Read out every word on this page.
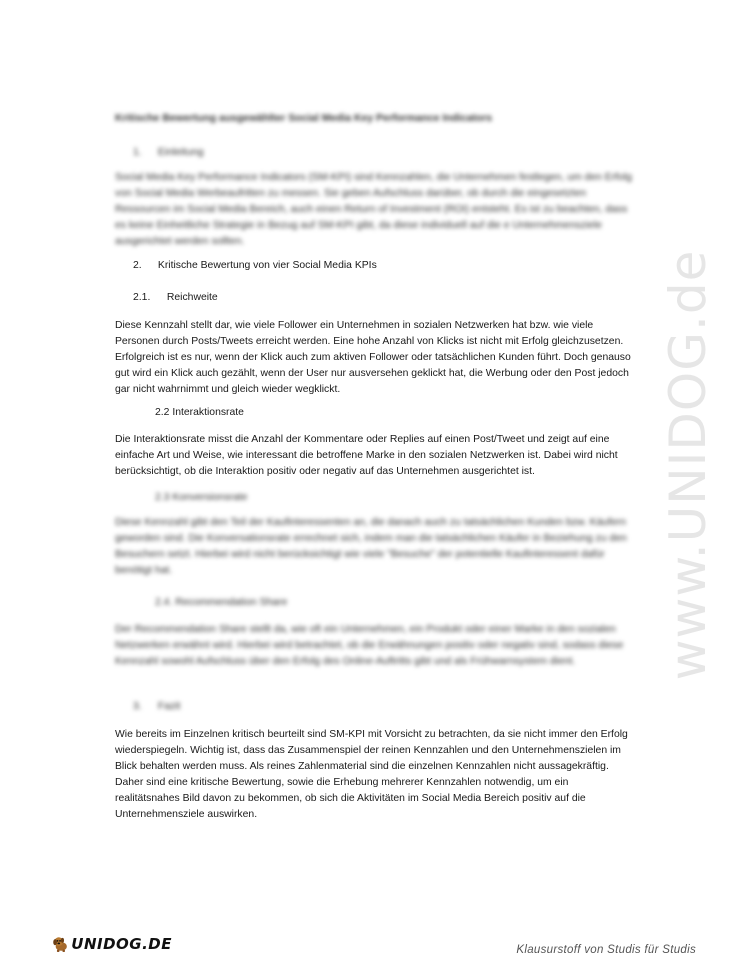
www.UNIDOG.de
Kritische Bewertung ausgewählter Social Media Key Performance Indicators
1. Einleitung
Social Media Key Performance Indicators (SM-KPI) sind Kennzahlen, die Unternehmen festlegen, um den Erfolg von Social Media Werbeaufritten zu messen. Sie geben Aufschluss darüber, ob durch die eingesetzten Ressourcen im Social Media Bereich, auch einen Return of Investment (ROI) entsteht. Es ist zu beachten, dass es keine Einheitliche Strategie in Bezug auf SM-KPI gibt, da diese individuell auf die e Unternehmensziele ausgerichtet werden sollten.
2. Kritische Bewertung von vier Social Media KPIs
2.1. Reichweite
Diese Kennzahl stellt dar, wie viele Follower ein Unternehmen in sozialen Netzwerken hat bzw. wie viele Personen durch Posts/Tweets erreicht werden. Eine hohe Anzahl von Klicks ist nicht mit Erfolg gleichzusetzen. Erfolgreich ist es nur, wenn der Klick auch zum aktiven Follower oder tatsächlichen Kunden führt. Doch genauso gut wird ein Klick auch gezählt, wenn der User nur ausversehen geklickt hat, die Werbung oder den Post jedoch gar nicht wahrnimmt und gleich wieder wegklickt.
2.2 Interaktionsrate
Die Interaktionsrate misst die Anzahl der Kommentare oder Replies auf einen Post/Tweet und zeigt auf eine einfache Art und Weise, wie interessant die betroffene Marke in den sozialen Netzwerken ist. Dabei wird nicht berücksichtigt, ob die Interaktion positiv oder negativ auf das Unternehmen ausgerichtet ist.
2.3 Konversionsrate
Diese Kennzahl gibt den Teil der Kaufinteressenten an, die danach auch zu tatsächlichen Kunden bzw. Käufern geworden sind. Die Konversationsrate errechnet sich, indem man die tatsächlichen Käufer in Beziehung zu den Besuchern setzt. Hierbei wird nicht berücksichtigt wie viele "Besuche" der potentielle Kaufinteressent dafür benötigt hat.
2.4. Recommendation Share
Der Recommendation Share stellt da, wie oft ein Unternehmen, ein Produkt oder einer Marke in den sozialen Netzwerken erwähnt wird. Hierbei wird betrachtet, ob die Erwähnungen positiv oder negativ sind, sodass diese Kennzahl sowohl Aufschluss über den Erfolg des Online-Auftritts gibt und als Frühwarnsystem dient.
3. Fazit
Wie bereits im Einzelnen kritisch beurteilt sind SM-KPI mit Vorsicht zu betrachten, da sie nicht immer den Erfolg wiederspiegeln. Wichtig ist, dass das Zusammenspiel der reinen Kennzahlen und den Unternehmenszielen im Blick behalten werden muss. Als reines Zahlenmaterial sind die einzelnen Kennzahlen nicht aussagekräftig. Daher sind eine kritische Bewertung, sowie die Erhebung mehrerer Kennzahlen notwendig, um ein realitätsnahes Bild davon zu bekommen, ob sich die Aktivitäten im Social Media Bereich positiv auf die Unternehmensziele auswirken.
UNIDOG.DE	Klausurstoff von Studis für Studis
